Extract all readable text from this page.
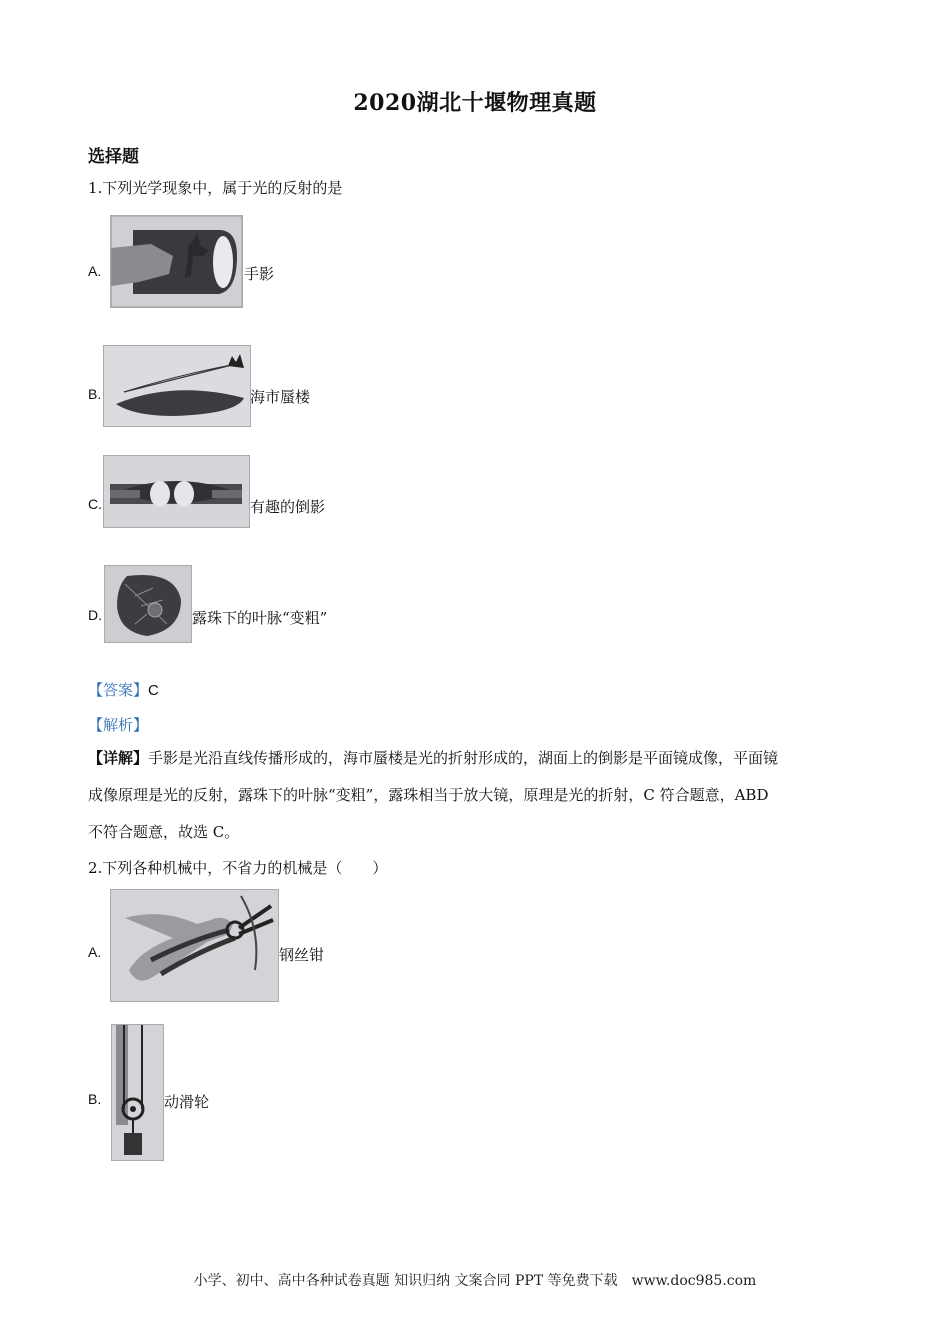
2020湖北十堰物理真题
选择题
1.下列光学现象中，属于光的反射的是
A.	手影
B.	海市蜃楼
C.	有趣的倒影
D.	露珠下的叶脉“变粗”
【答案】C
【解析】
【详解】手影是光沿直线传播形成的，海市蜃楼是光的折射形成的，湖面上的倒影是平面镜成像，平面镜
成像原理是光的反射，露珠下的叶脉“变粗”，露珠相当于放大镜，原理是光的折射，C 符合题意，ABD
不符合题意，故选 C。
2.下列各种机械中，不省力的机械是（　　）
A.	钢丝钳
B.	动滑轮
小学、初中、高中各种试卷真题 知识归纳 文案合同 PPT 等免费下载　www.doc985.com
